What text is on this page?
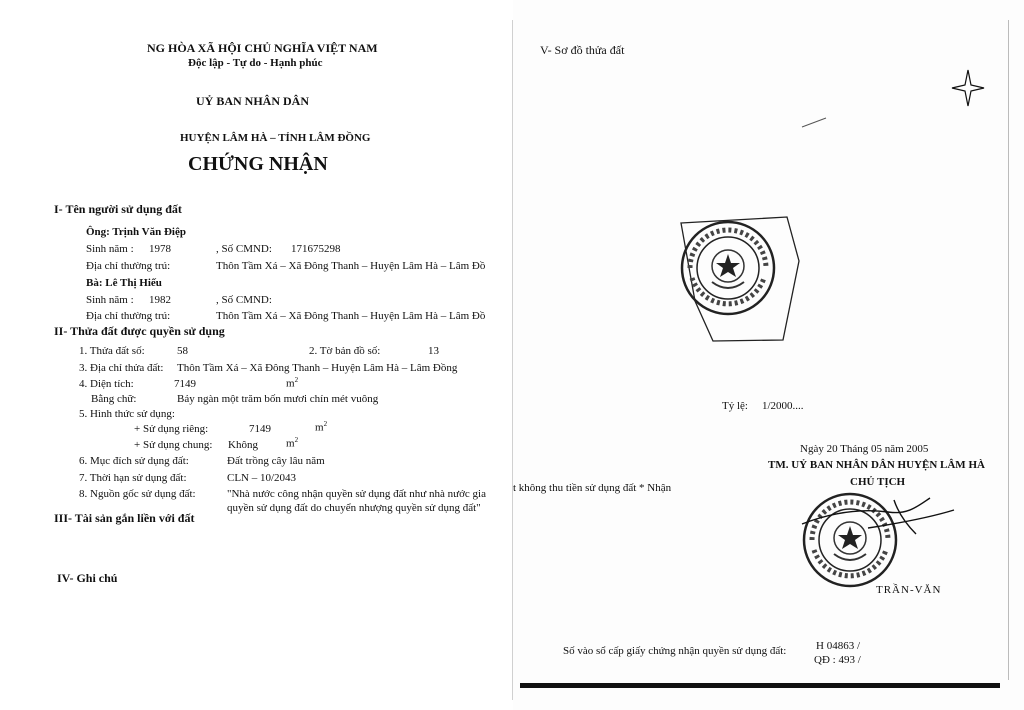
NG HÒA XÃ HỘI CHỦ NGHĨA VIỆT NAM
Độc lập - Tự do - Hạnh phúc
UỶ BAN NHÂN DÂN
HUYỆN LÂM HÀ – TỈNH LÂM ĐỒNG
CHỨNG NHẬN
I- Tên người sử dụng đất
Ông: Trịnh Văn Điệp
Sinh năm : 1978	, Số CMND: 171675298
Địa chỉ thường trú:	Thôn Tầm Xá – Xã Đông Thanh – Huyện Lâm Hà – Lâm Đồ
Bà: Lê Thị Hiếu
Sinh năm : 1982	, Số CMND:
Địa chỉ thường trú:	Thôn Tầm Xá – Xã Đông Thanh – Huyện Lâm Hà – Lâm Đồ
II- Thửa đất được quyền sử dụng
1. Thửa đất số:	58	2. Tờ bản đồ số:	13
3. Địa chỉ thửa đất: Thôn Tầm Xá – Xã Đông Thanh – Huyện Lâm Hà – Lâm Đồng
4. Diện tích:	7149	$m^2$
Bằng chữ:	Bảy ngàn một trăm bốn mươi chín mét vuông
5. Hình thức sử dụng:
+ Sử dụng riêng:	7149	$m^2$
+ Sử dụng chung: Không	$m^2$
6. Mục đích sử dụng đất:	Đất trồng cây lâu năm
7. Thời hạn sử dụng đất:	CLN – 10/2043
8. Nguồn gốc sử dụng đất:	"Nhà nước công nhận quyền sử dụng đất như nhà nước gia
quyền sử dụng đất do chuyển nhượng quyền sử dụng đất"
III- Tài sản gắn liền với đất
IV- Ghi chú
V- Sơ đồ thửa đất
Tỷ lệ: 1/2000....
Ngày 20 Tháng 05 năm 2005
TM. UỶ BAN NHÂN DÂN HUYỆN LÂM HÀ
CHỦ TỊCH
t không thu tiền sử dụng đất * Nhận
TRẦN-VĂN
Số vào sổ cấp giấy chứng nhận quyền sử dụng đất:	H 04863 /
QĐ : 493 /
